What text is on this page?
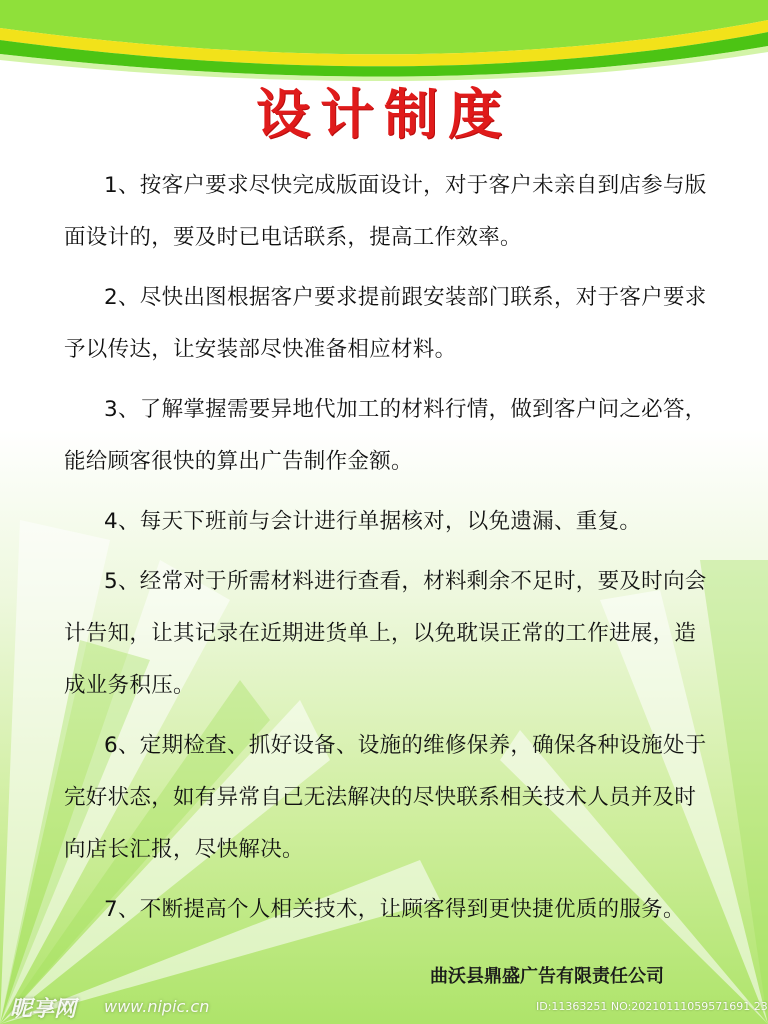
设计制度

1、按客户要求尽快完成版面设计，对于客户未亲自到店参与版面设计的，要及时已电话联系，提高工作效率。

2、尽快出图根据客户要求提前跟安装部门联系，对于客户要求予以传达，让安装部尽快准备相应材料。

3、了解掌握需要异地代加工的材料行情，做到客户问之必答，能给顾客很快的算出广告制作金额。

4、每天下班前与会计进行单据核对，以免遗漏、重复。

5、经常对于所需材料进行查看，材料剩余不足时，要及时向会计告知，让其记录在近期进货单上，以免耽误正常的工作进展，造成业务积压。

6、定期检查、抓好设备、设施的维修保养，确保各种设施处于完好状态，如有异常自己无法解决的尽快联系相关技术人员并及时向店长汇报，尽快解决。

7、不断提高个人相关技术，让顾客得到更快捷优质的服务。

曲沃县鼎盛广告有限责任公司
昵享网 www.nipic.cn	ID:11363251 NO:20210111059571691 23
